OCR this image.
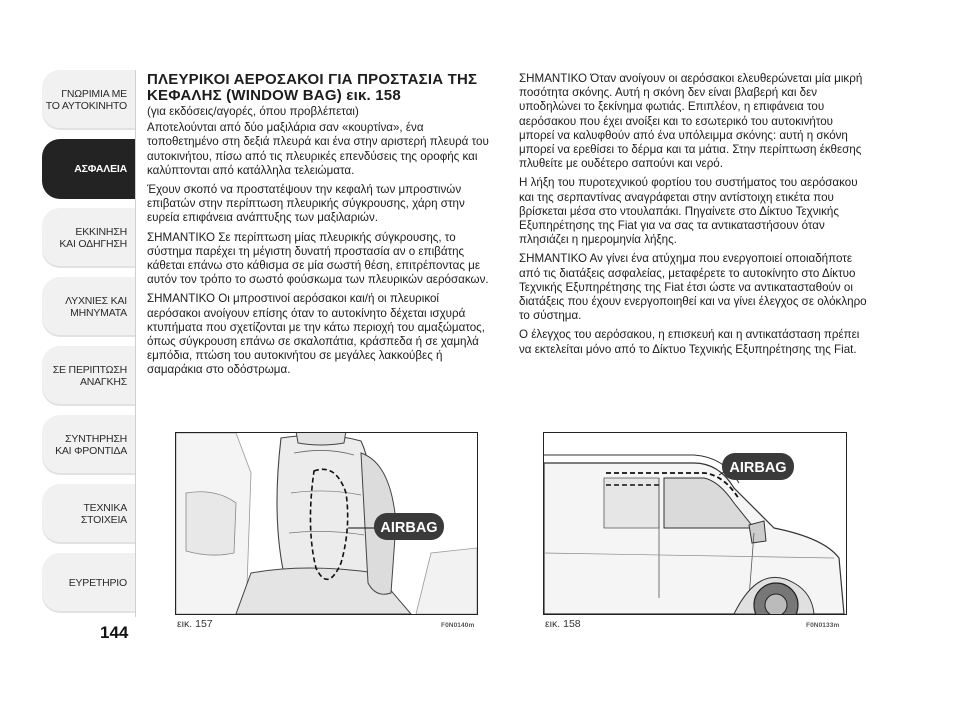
ΓΝΩΡΙΜΙΑ ΜΕ
ΤΟ ΑΥΤΟΚΙΝΗΤΟ
ΑΣΦΑΛΕΙΑ
ΕΚΚΙΝΗΣΗ
ΚΑΙ ΟΔΗΓΗΣΗ
ΛΥΧΝΙΕΣ ΚΑΙ
ΜΗΝΥΜΑΤΑ
ΣΕ ΠΕΡΙΠΤΩΣΗ
ΑΝΑΓΚΗΣ
ΣΥΝΤΗΡΗΣΗ
ΚΑΙ ΦΡΟΝΤΙΔΑ
ΤΕΧΝΙΚΑ
ΣΤΟΙΧΕΙΑ
ΕΥΡΕΤΗΡΙΟ
144
ΠΛΕΥΡΙΚΟΙ ΑΕΡΟΣΑΚΟΙ ΓΙΑ ΠΡΟΣΤΑΣΙΑ ΤΗΣ ΚΕΦΑΛΗΣ (WINDOW BAG) εικ. 158
(για εκδόσεις/αγορές, όπου προβλέπεται)

Αποτελούνται από δύο μαξιλάρια σαν «κουρτίνα», ένα τοποθετημένο στη δεξιά πλευρά και ένα στην αριστερή πλευρά του αυτοκινήτου, πίσω από τις πλευρικές επενδύσεις της οροφής και καλύπτονται από κατάλληλα τελειώματα.

Έχουν σκοπό να προστατέψουν την κεφαλή των μπροστινών επιβατών στην περίπτωση πλευρικής σύγκρουσης, χάρη στην ευρεία επιφάνεια ανάπτυξης των μαξιλαριών.

ΣΗΜΑΝΤΙΚΟ Σε περίπτωση μίας πλευρικής σύγκρουσης, το σύστημα παρέχει τη μέγιστη δυνατή προστασία αν ο επιβάτης κάθεται επάνω στο κάθισμα σε μία σωστή θέση, επιτρέποντας με αυτόν τον τρόπο το σωστό φούσκωμα των πλευρικών αερόσακων.

ΣΗΜΑΝΤΙΚΟ Οι μπροστινοί αερόσακοι και/ή οι πλευρικοί αερόσακοι ανοίγουν επίσης όταν το αυτοκίνητο δέχεται ισχυρά κτυπήματα που σχετίζονται με την κάτω περιοχή του αμαξώματος, όπως σύγκρουση επάνω σε σκαλοπάτια, κράσπεδα ή σε χαμηλά εμπόδια, πτώση του αυτοκινήτου σε μεγάλες λακκούβες ή σαμαράκια στο οδόστρωμα.

ΣΗΜΑΝΤΙΚΟ Όταν ανοίγουν οι αερόσακοι ελευθερώνεται μία μικρή ποσότητα σκόνης. Αυτή η σκόνη δεν είναι βλαβερή και δεν υποδηλώνει το ξεκίνημα φωτιάς. Επιπλέον, η επιφάνεια του αερόσακου που έχει ανοίξει και το εσωτερικό του αυτοκινήτου μπορεί να καλυφθούν από ένα υπόλειμμα σκόνης: αυτή η σκόνη μπορεί να ερεθίσει το δέρμα και τα μάτια. Στην περίπτωση έκθεσης πλυθείτε με ουδέτερο σαπούνι και νερό.

Η λήξη του πυροτεχνικού φορτίου του συστήματος του αερόσακου και της σερπαντίνας αναγράφεται στην αντίστοιχη ετικέτα που βρίσκεται μέσα στο ντουλαπάκι. Πηγαίνετε στο Δίκτυο Τεχνικής Εξυπηρέτησης της Fiat για να σας τα αντικαταστήσουν όταν πλησιάζει η ημερομηνία λήξης.

ΣΗΜΑΝΤΙΚΟ Αν γίνει ένα ατύχημα που ενεργοποιεί οποιαδήποτε από τις διατάξεις ασφαλείας, μεταφέρετε το αυτοκίνητο στο Δίκτυο Τεχνικής Εξυπηρέτησης της Fiat έτσι ώστε να αντικατασταθούν οι διατάξεις που έχουν ενεργοποιηθεί και να γίνει έλεγχος σε ολόκληρο το σύστημα.

Ο έλεγχος του αερόσακου, η επισκευή και η αντικατάσταση πρέπει να εκτελείται μόνο από το Δίκτυο Τεχνικής Εξυπηρέτησης της Fiat.

AIRBAG
εικ. 157	F0N0140m
AIRBAG
εικ. 158	F0N0133m
